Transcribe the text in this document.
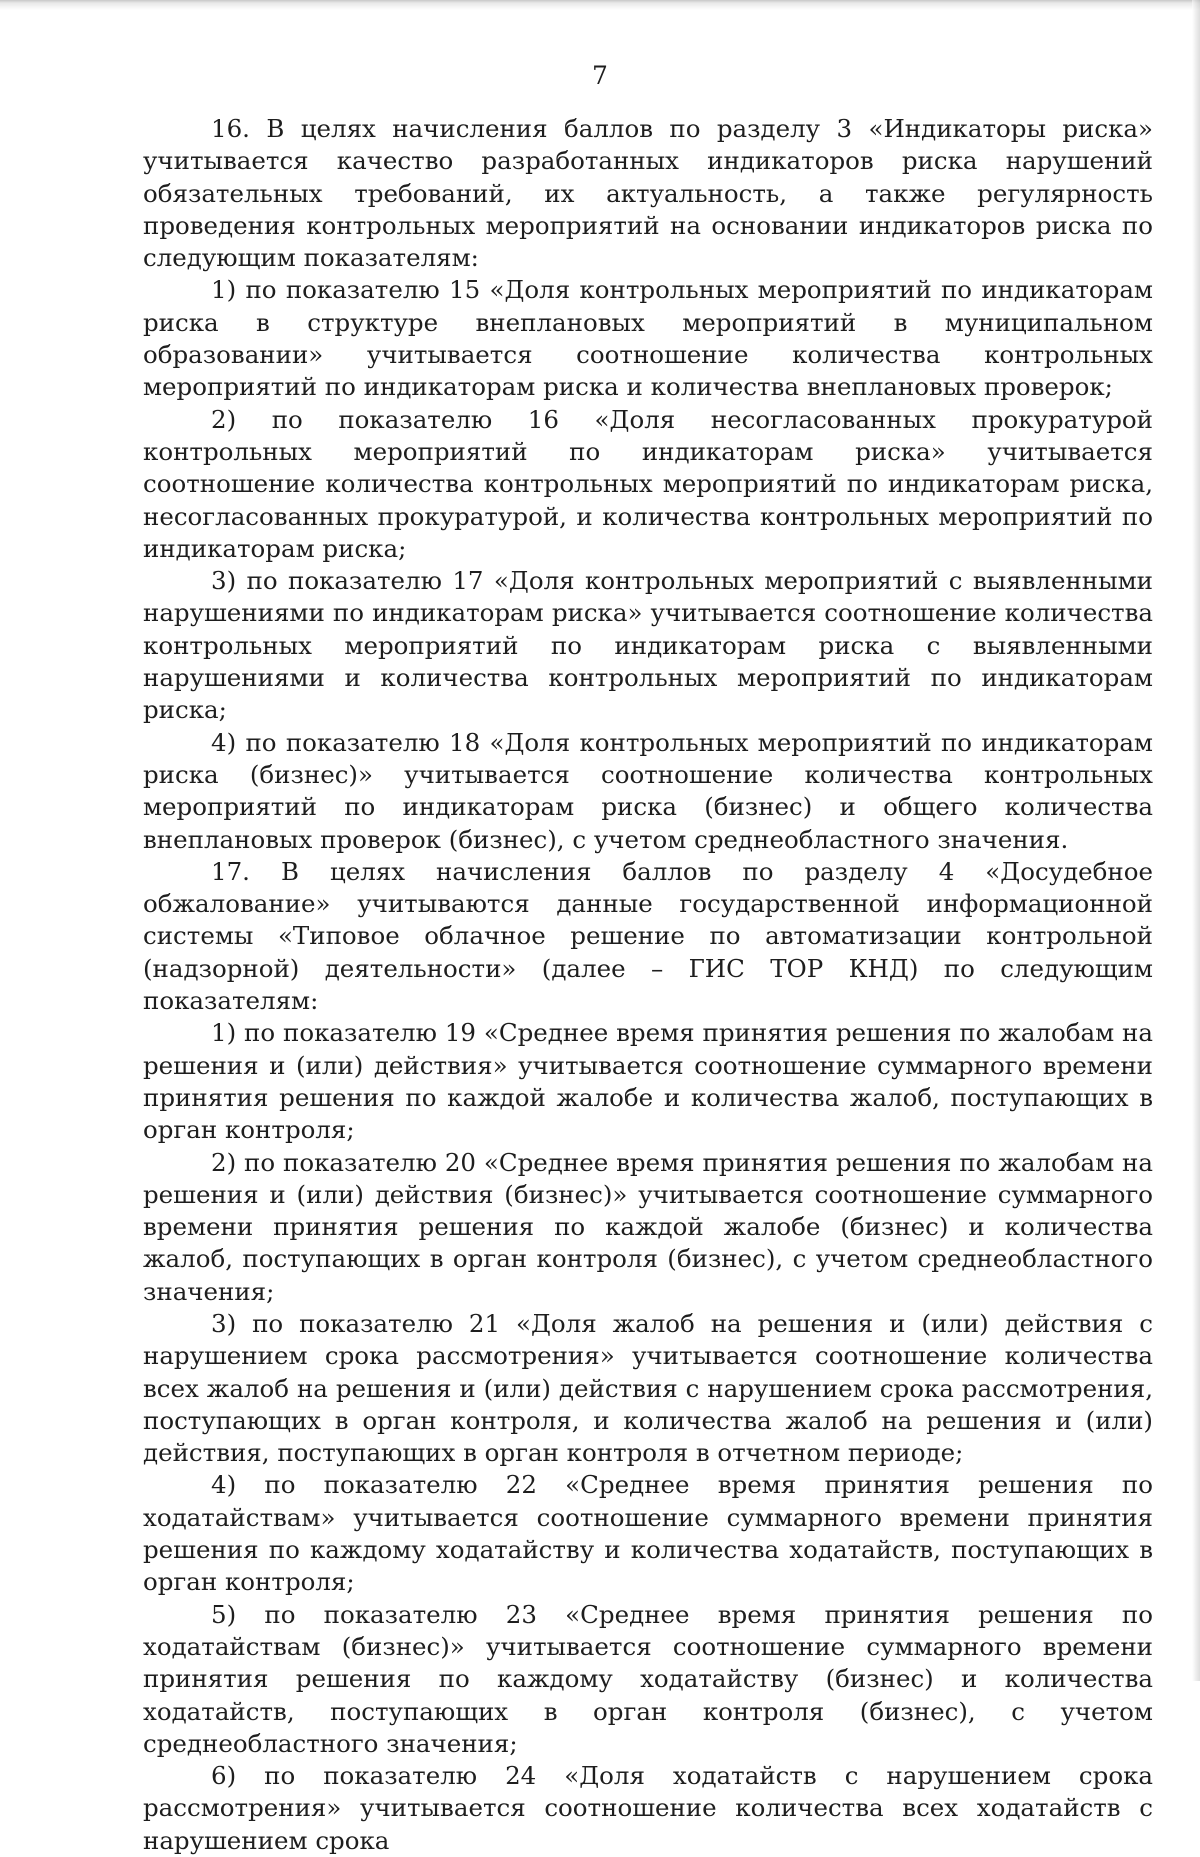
7

16. В целях начисления баллов по разделу 3 «Индикаторы риска» учитывается качество разработанных индикаторов риска нарушений обязательных требований, их актуальность, а также регулярность проведения контрольных мероприятий на основании индикаторов риска по следующим показателям:

1) по показателю 15 «Доля контрольных мероприятий по индикаторам риска в структуре внеплановых мероприятий в муниципальном образовании» учитывается соотношение количества контрольных мероприятий по индикаторам риска и количества внеплановых проверок;

2) по показателю 16 «Доля несогласованных прокуратурой контрольных мероприятий по индикаторам риска» учитывается соотношение количества контрольных мероприятий по индикаторам риска, несогласованных прокуратурой, и количества контрольных мероприятий по индикаторам риска;

3) по показателю 17 «Доля контрольных мероприятий с выявленными нарушениями по индикаторам риска» учитывается соотношение количества контрольных мероприятий по индикаторам риска с выявленными нарушениями и количества контрольных мероприятий по индикаторам риска;

4) по показателю 18 «Доля контрольных мероприятий по индикаторам риска (бизнес)» учитывается соотношение количества контрольных мероприятий по индикаторам риска (бизнес) и общего количества внеплановых проверок (бизнес), с учетом среднеобластного значения.

17. В целях начисления баллов по разделу 4 «Досудебное обжалование» учитываются данные государственной информационной системы «Типовое облачное решение по автоматизации контрольной (надзорной) деятельности» (далее – ГИС ТОР КНД) по следующим показателям:

1) по показателю 19 «Среднее время принятия решения по жалобам на решения и (или) действия» учитывается соотношение суммарного времени принятия решения по каждой жалобе и количества жалоб, поступающих в орган контроля;

2) по показателю 20 «Среднее время принятия решения по жалобам на решения и (или) действия (бизнес)» учитывается соотношение суммарного времени принятия решения по каждой жалобе (бизнес) и количества жалоб, поступающих в орган контроля (бизнес), с учетом среднеобластного значения;

3) по показателю 21 «Доля жалоб на решения и (или) действия с нарушением срока рассмотрения» учитывается соотношение количества всех жалоб на решения и (или) действия с нарушением срока рассмотрения, поступающих в орган контроля, и количества жалоб на решения и (или) действия, поступающих в орган контроля в отчетном периоде;

4) по показателю 22 «Среднее время принятия решения по ходатайствам» учитывается соотношение суммарного времени принятия решения по каждому ходатайству и количества ходатайств, поступающих в орган контроля;

5) по показателю 23 «Среднее время принятия решения по ходатайствам (бизнес)» учитывается соотношение суммарного времени принятия решения по каждому ходатайству (бизнес) и количества ходатайств, поступающих в орган контроля (бизнес), с учетом среднеобластного значения;

6) по показателю 24 «Доля ходатайств с нарушением срока рассмотрения» учитывается соотношение количества всех ходатайств с нарушением срока
